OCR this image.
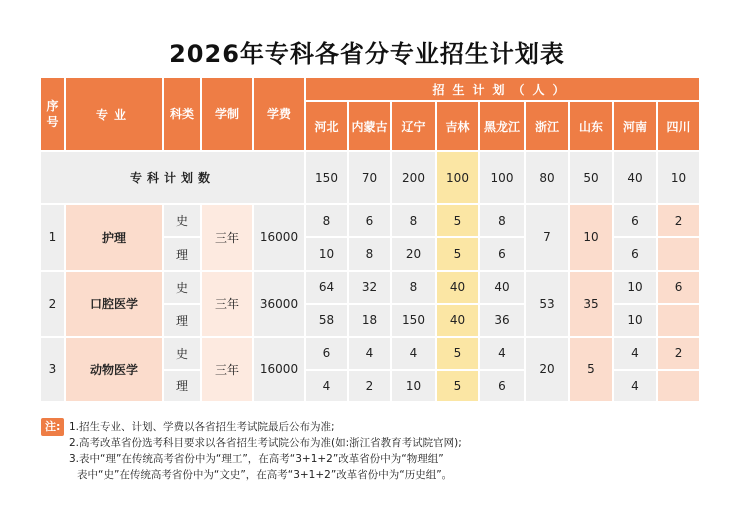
2026年专科各省分专业招生计划表
序号	专业	科类	学制	学费	招生计划（人）								
					河北	内蒙古	辽宁	吉林	黑龙江	浙江	山东	河南	四川
专科计划数					150	70	200	100	100	80	50	40	10
1	护理	史	三年	16000	8	6	8	5	8	7	10	6	2
		理			10	8	20	5	6			6	
2	口腔医学	史	三年	36000	64	32	8	40	40	53	35	10	6
		理			58	18	150	40	36			10	
3	动物医学	史	三年	16000	6	4	4	5	4	20	5	4	2
		理			4	2	10	5	6			4	
注: 1.招生专业、计划、学费以各省招生考试院最后公布为准;
2.高考改革省份选考科目要求以各省招生考试院公布为准(如:浙江省教育考试院官网);
3.表中“理”在传统高考省份中为“理工”，在高考“3+1+2”改革省份中为“物理组”
表中“史”在传统高考省份中为“文史”，在高考“3+1+2”改革省份中为“历史组”。
